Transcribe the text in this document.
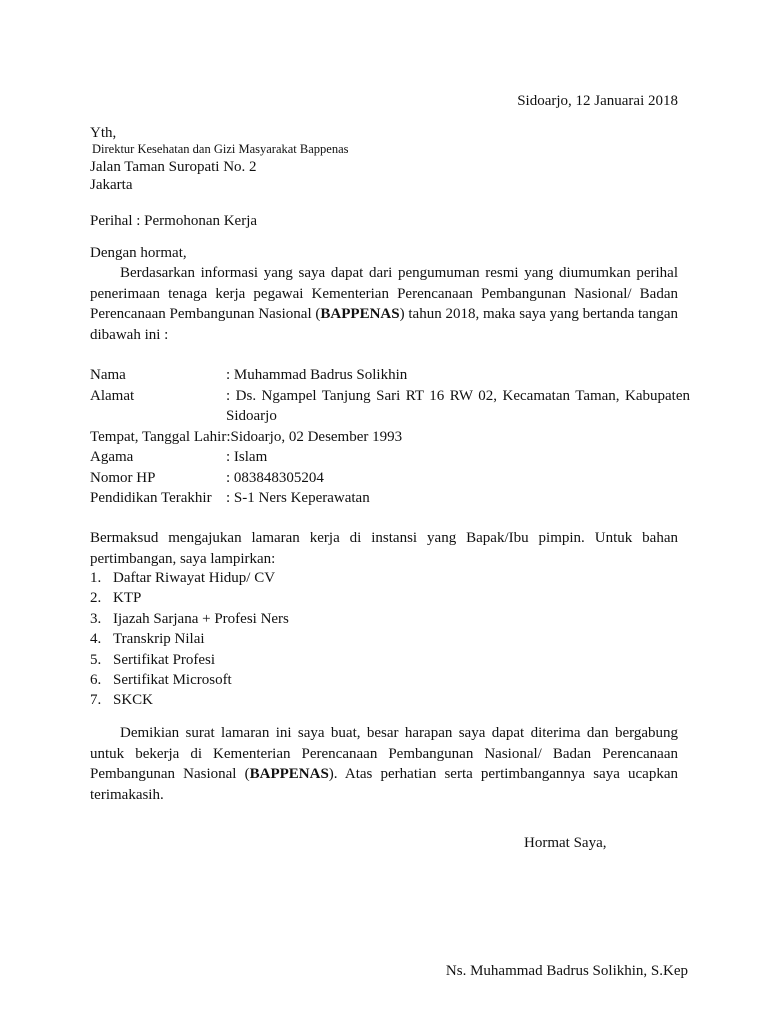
Sidoarjo, 12 Januarai 2018
Yth,
Direktur Kesehatan dan Gizi Masyarakat Bappenas
Jalan Taman Suropati No. 2
Jakarta
Perihal : Permohonan Kerja
Dengan hormat,
Berdasarkan informasi yang saya dapat dari pengumuman resmi yang diumumkan perihal penerimaan tenaga kerja pegawai Kementerian Perencanaan Pembangunan Nasional/ Badan Perencanaan Pembangunan Nasional (BAPPENAS) tahun 2018, maka saya yang bertanda tangan dibawah ini :
Nama	: Muhammad Badrus Solikhin
Alamat	: Ds. Ngampel Tanjung Sari RT 16 RW 02, Kecamatan Taman, Kabupaten Sidoarjo
Tempat, Tanggal Lahir :Sidoarjo, 02 Desember 1993
Agama	: Islam
Nomor HP	: 083848305204
Pendidikan Terakhir : S-1 Ners Keperawatan
Bermaksud mengajukan lamaran kerja di instansi yang Bapak/Ibu pimpin. Untuk bahan pertimbangan, saya lampirkan:
1. Daftar Riwayat Hidup/ CV
2. KTP
3. Ijazah Sarjana + Profesi Ners
4. Transkrip Nilai
5. Sertifikat Profesi
6. Sertifikat Microsoft
7. SKCK
Demikian surat lamaran ini saya buat, besar harapan saya dapat diterima dan bergabung untuk bekerja di Kementerian Perencanaan Pembangunan Nasional/ Badan Perencanaan Pembangunan Nasional (BAPPENAS). Atas perhatian serta pertimbangannya saya ucapkan terimakasih.
Hormat Saya,
Ns. Muhammad Badrus Solikhin, S.Kep
